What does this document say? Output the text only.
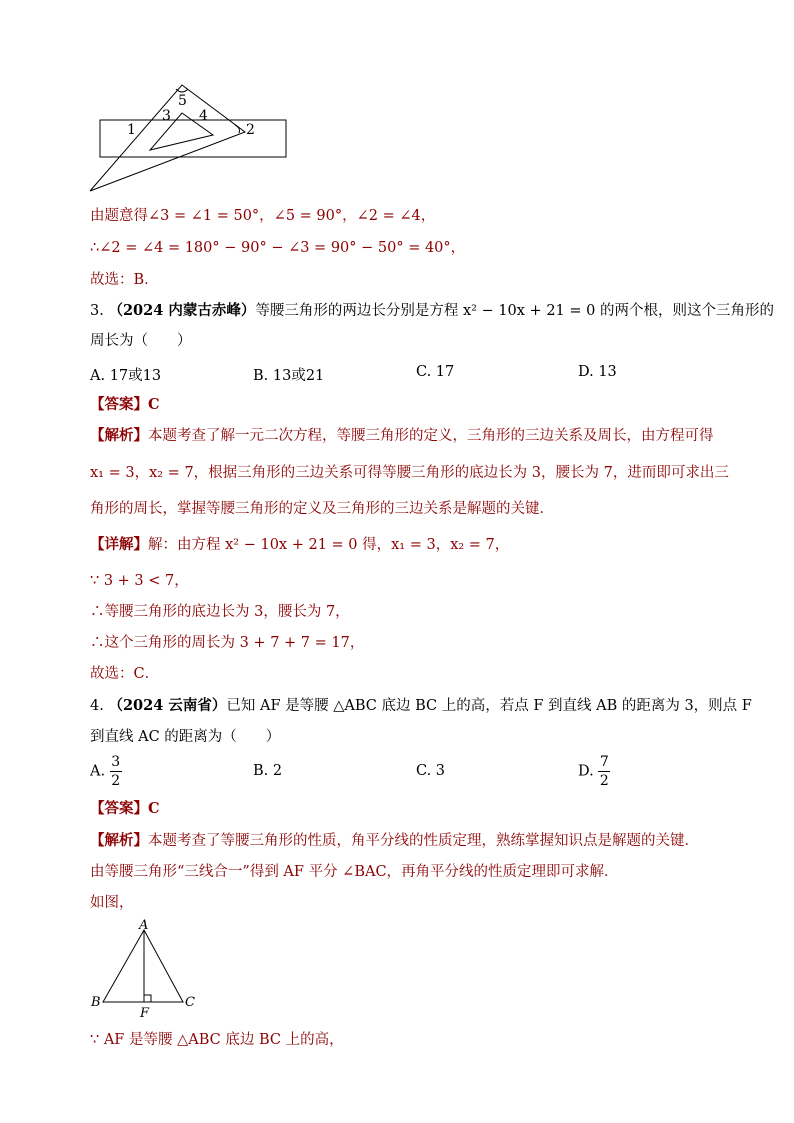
1	2
3 4
5
由题意得∠3 = ∠1 = 50°，∠5 = 90°，∠2 = ∠4，
∴∠2 = ∠4 = 180° − 90° − ∠3 = 90° − 50° = 40°，
故选：B．
3. （2024 内蒙古赤峰）等腰三角形的两边长分别是方程 x² − 10x + 21 = 0 的两个根，则这个三角形的
周长为（　　）
A. 17或13	B. 13或21	C. 17	D. 13
【答案】C
【解析】本题考查了解一元二次方程，等腰三角形的定义，三角形的三边关系及周长，由方程可得
x₁ = 3，x₂ = 7，根据三角形的三边关系可得等腰三角形的底边长为 3，腰长为 7，进而即可求出三
角形的周长，掌握等腰三角形的定义及三角形的三边关系是解题的关键．
【详解】解：由方程 x² − 10x + 21 = 0 得，x₁ = 3，x₂ = 7，
∵ 3 + 3 < 7，
∴等腰三角形的底边长为 3，腰长为 7，
∴这个三角形的周长为 3 + 7 + 7 = 17，
故选：C．
4. （2024 云南省）已知 AF 是等腰 △ABC 底边 BC 上的高，若点 F 到直线 AB 的距离为 3，则点 F
到直线 AC 的距离为（　　）
A. $\frac{3}{2}$	B. 2	C. 3	D. $\frac{7}{2}$
【答案】C
【解析】本题考查了等腰三角形的性质，角平分线的性质定理，熟练掌握知识点是解题的关键．
由等腰三角形“三线合一”得到 AF 平分 ∠BAC，再角平分线的性质定理即可求解．
如图，
A
B	C
F
∵ AF 是等腰 △ABC 底边 BC 上的高，
